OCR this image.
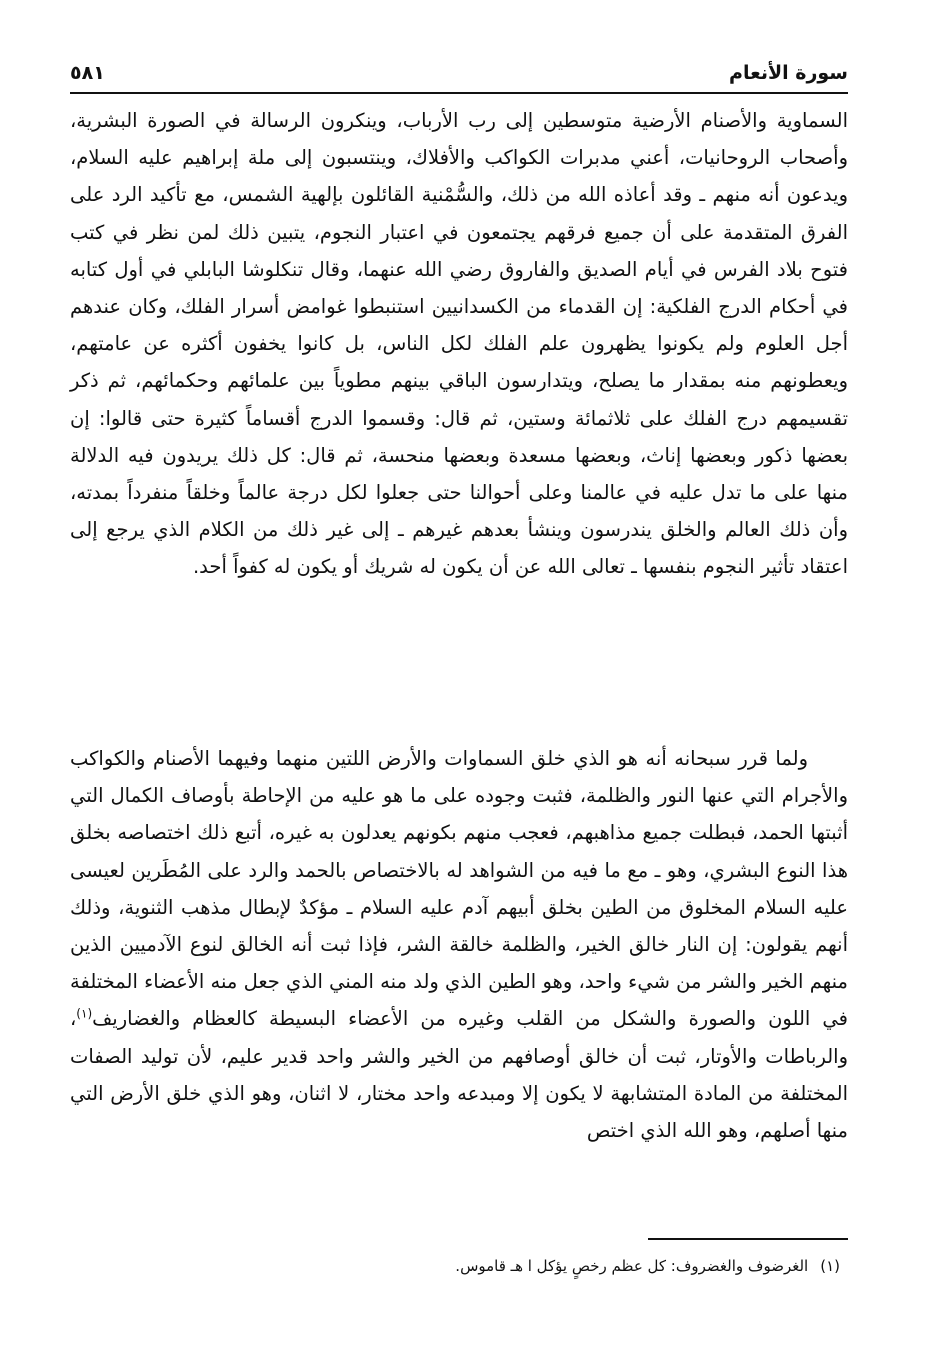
سورة الأنعام
٥٨١

السماوية والأصنام الأرضية متوسطين إلى رب الأرباب، وينكرون الرسالة في الصورة البشرية، وأصحاب الروحانيات، أعني مدبرات الكواكب والأفلاك، وينتسبون إلى ملة إبراهيم عليه السلام، ويدعون أنه منهم ـ وقد أعاذه الله من ذلك، والسُّمْنية القائلون بإلهية الشمس، مع تأكيد الرد على الفرق المتقدمة على أن جميع فرقهم يجتمعون في اعتبار النجوم، يتبين ذلك لمن نظر في كتب فتوح بلاد الفرس في أيام الصديق والفاروق رضي الله عنهما، وقال تنكلوشا البابلي في أول كتابه في أحكام الدرج الفلكية: إن القدماء من الكسدانيين استنبطوا غوامض أسرار الفلك، وكان عندهم أجل العلوم ولم يكونوا يظهرون علم الفلك لكل الناس، بل كانوا يخفون أكثره عن عامتهم، ويعطونهم منه بمقدار ما يصلح، ويتدارسون الباقي بينهم مطوياً بين علمائهم وحكمائهم، ثم ذكر تقسيمهم درج الفلك على ثلاثمائة وستين، ثم قال: وقسموا الدرج أقساماً كثيرة حتى قالوا: إن بعضها ذكور وبعضها إناث، وبعضها مسعدة وبعضها منحسة، ثم قال: كل ذلك يريدون فيه الدلالة منها على ما تدل عليه في عالمنا وعلى أحوالنا حتى جعلوا لكل درجة عالماً وخلقاً منفرداً بمدته، وأن ذلك العالم والخلق يندرسون وينشأ بعدهم غيرهم ـ إلى غير ذلك من الكلام الذي يرجع إلى اعتقاد تأثير النجوم بنفسها ـ تعالى الله عن أن يكون له شريك أو يكون له كفواً أحد.

ولما قرر سبحانه أنه هو الذي خلق السماوات والأرض اللتين منهما وفيهما الأصنام والكواكب والأجرام التي عنها النور والظلمة، فثبت وجوده على ما هو عليه من الإحاطة بأوصاف الكمال التي أثبتها الحمد، فبطلت جميع مذاهبهم، فعجب منهم بكونهم يعدلون به غيره، أتبع ذلك اختصاصه بخلق هذا النوع البشري، وهو ـ مع ما فيه من الشواهد له بالاختصاص بالحمد والرد على المُطَرين لعيسى عليه السلام المخلوق من الطين بخلق أبيهم آدم عليه السلام ـ مؤكدٌ لإبطال مذهب الثنوية، وذلك أنهم يقولون: إن النار خالق الخير، والظلمة خالقة الشر، فإذا ثبت أنه الخالق لنوع الآدميين الذين منهم الخير والشر من شيء واحد، وهو الطين الذي ولد منه المني الذي جعل منه الأعضاء المختلفة في اللون والصورة والشكل من القلب وغيره من الأعضاء البسيطة كالعظام والغضاريف$^{(١)}$، والرباطات والأوتار، ثبت أن خالق أوصافهم من الخير والشر واحد قدير عليم، لأن توليد الصفات المختلفة من المادة المتشابهة لا يكون إلا ومبدعه واحد مختار، لا اثنان، وهو الذي خلق الأرض التي منها أصلهم، وهو الله الذي اختص

(١)الغرضوف والغضروف: كل عظم رخصٍ يؤكل ا هـ قاموس.
